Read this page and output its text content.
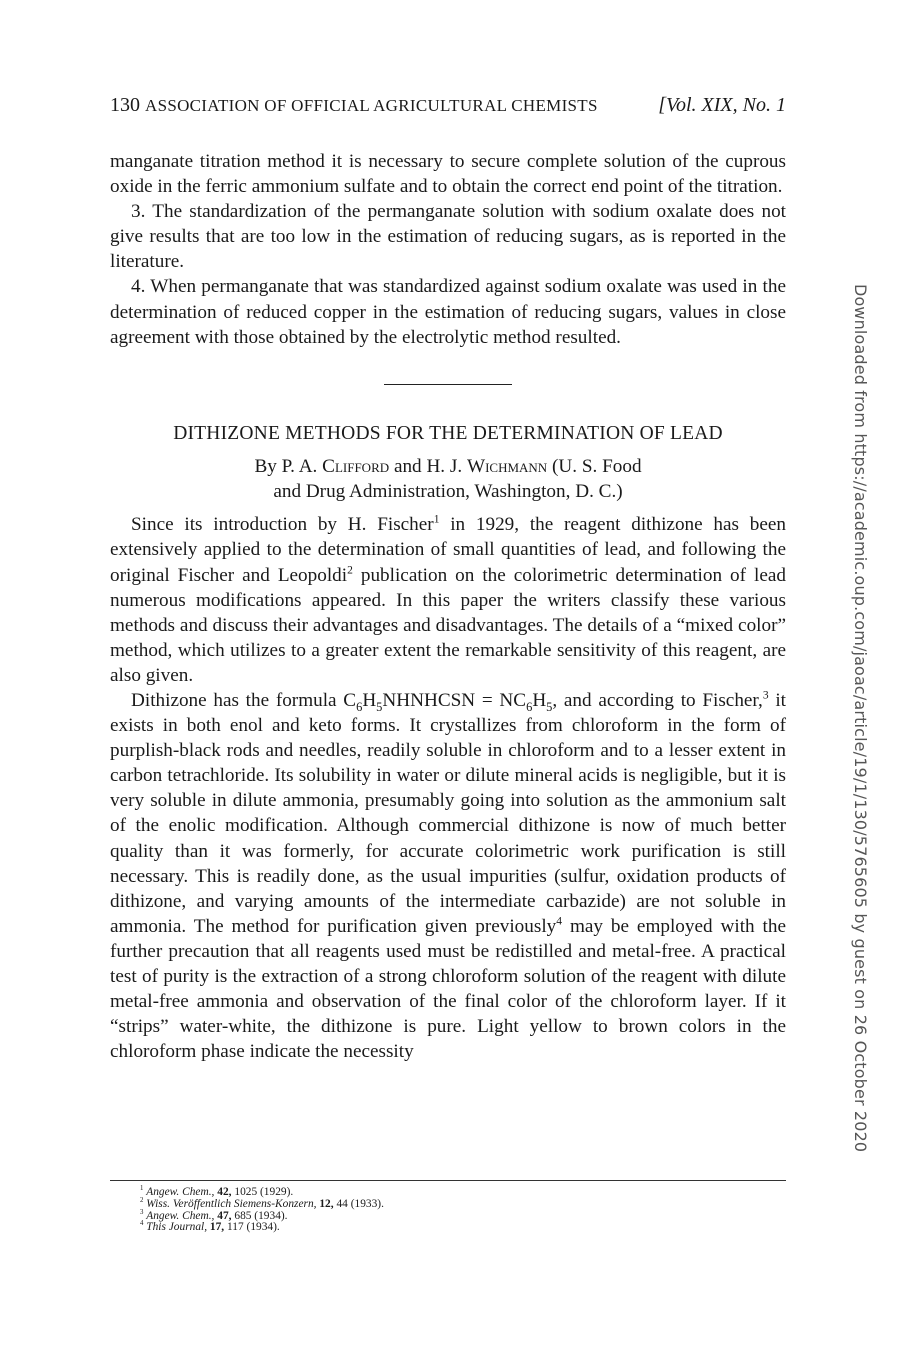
130 ASSOCIATION OF OFFICIAL AGRICULTURAL CHEMISTS	[Vol. XIX, No. 1

manganate titration method it is necessary to secure complete solution of the cuprous oxide in the ferric ammonium sulfate and to obtain the correct end point of the titration.

3. The standardization of the permanganate solution with sodium oxalate does not give results that are too low in the estimation of reducing sugars, as is reported in the literature.

4. When permanganate that was standardized against sodium oxalate was used in the determination of reduced copper in the estimation of reducing sugars, values in close agreement with those obtained by the electrolytic method resulted.

DITHIZONE METHODS FOR THE DETERMINATION OF LEAD
By P. A. Clifford and H. J. Wichmann (U. S. Food
and Drug Administration, Washington, D. C.)

Since its introduction by H. Fischer$^1$ in 1929, the reagent dithizone has been extensively applied to the determination of small quantities of lead, and following the original Fischer and Leopoldi$^2$ publication on the colorimetric determination of lead numerous modifications appeared. In this paper the writers classify these various methods and discuss their advantages and disadvantages. The details of a “mixed color” method, which utilizes to a greater extent the remarkable sensitivity of this reagent, are also given.

Dithizone has the formula $C_6H_5NHNHCSN = NC_6H_5$, and according to Fischer,$^3$ it exists in both enol and keto forms. It crystallizes from chloroform in the form of purplish-black rods and needles, readily soluble in chloroform and to a lesser extent in carbon tetrachloride. Its solubility in water or dilute mineral acids is negligible, but it is very soluble in dilute ammonia, presumably going into solution as the ammonium salt of the enolic modification. Although commercial dithizone is now of much better quality than it was formerly, for accurate colorimetric work purification is still necessary. This is readily done, as the usual impurities (sulfur, oxidation products of dithizone, and varying amounts of the intermediate carbazide) are not soluble in ammonia. The method for purification given previously$^4$ may be employed with the further precaution that all reagents used must be redistilled and metal-free. A practical test of purity is the extraction of a strong chloroform solution of the reagent with dilute metal-free ammonia and observation of the final color of the chloroform layer. If it “strips” water-white, the dithizone is pure. Light yellow to brown colors in the chloroform phase indicate the necessity

$^1$ Angew. Chem., 42, 1025 (1929).
$^2$ Wiss. Veröffentlich Siemens-Konzern, 12, 44 (1933).
$^3$ Angew. Chem., 47, 685 (1934).
$^4$ This Journal, 17, 117 (1934).
Downloaded from https://academic.oup.com/jaoac/article/19/1/130/5765605 by guest on 26 October 2020
